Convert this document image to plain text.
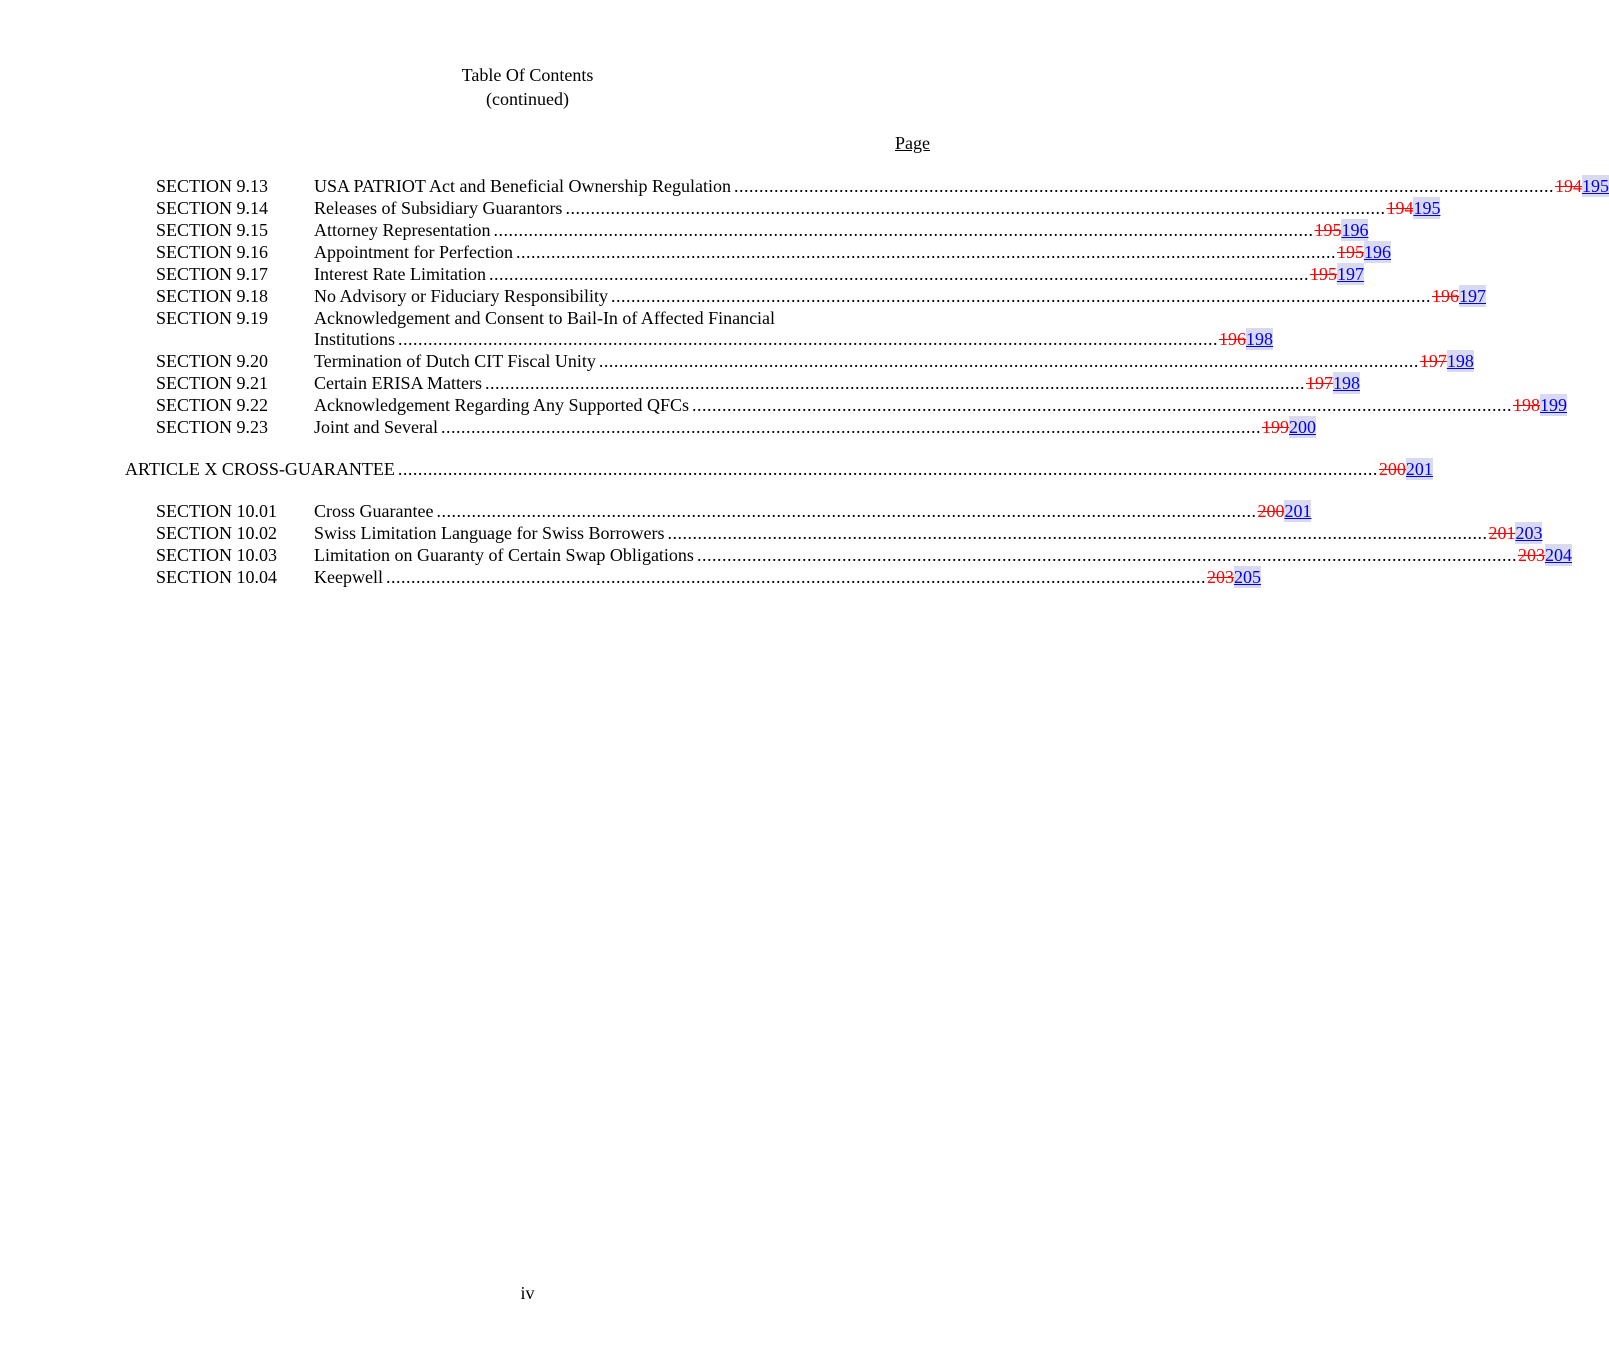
Table Of Contents
(continued)
Page
SECTION 9.13	USA PATRIOT Act and Beneficial Ownership Regulation .................................................................................................................................................................... 194 195
SECTION 9.14	Releases of Subsidiary Guarantors .................................................................................................................................................................... 194 195
SECTION 9.15	Attorney Representation .................................................................................................................................................................... 195 196
SECTION 9.16	Appointment for Perfection .................................................................................................................................................................... 195 196
SECTION 9.17	Interest Rate Limitation .................................................................................................................................................................... 195 197
SECTION 9.18	No Advisory or Fiduciary Responsibility .................................................................................................................................................................... 196 197
SECTION 9.19	Acknowledgement and Consent to Bail-In of Affected Financial
Institutions .................................................................................................................................................................... 196 198
SECTION 9.20	Termination of Dutch CIT Fiscal Unity .................................................................................................................................................................... 197 198
SECTION 9.21	Certain ERISA Matters .................................................................................................................................................................... 197 198
SECTION 9.22	Acknowledgement Regarding Any Supported QFCs .................................................................................................................................................................... 198 199
SECTION 9.23	Joint and Several .................................................................................................................................................................... 199 200
ARTICLE X CROSS-GUARANTEE .................................................................................................................................................................................................... 200 201
SECTION 10.01 Cross Guarantee .................................................................................................................................................................... 200 201
SECTION 10.02 Swiss Limitation Language for Swiss Borrowers .................................................................................................................................................................... 201 203
SECTION 10.03 Limitation on Guaranty of Certain Swap Obligations .................................................................................................................................................................... 203 204
SECTION 10.04 Keepwell .................................................................................................................................................................... 203 205
iv
